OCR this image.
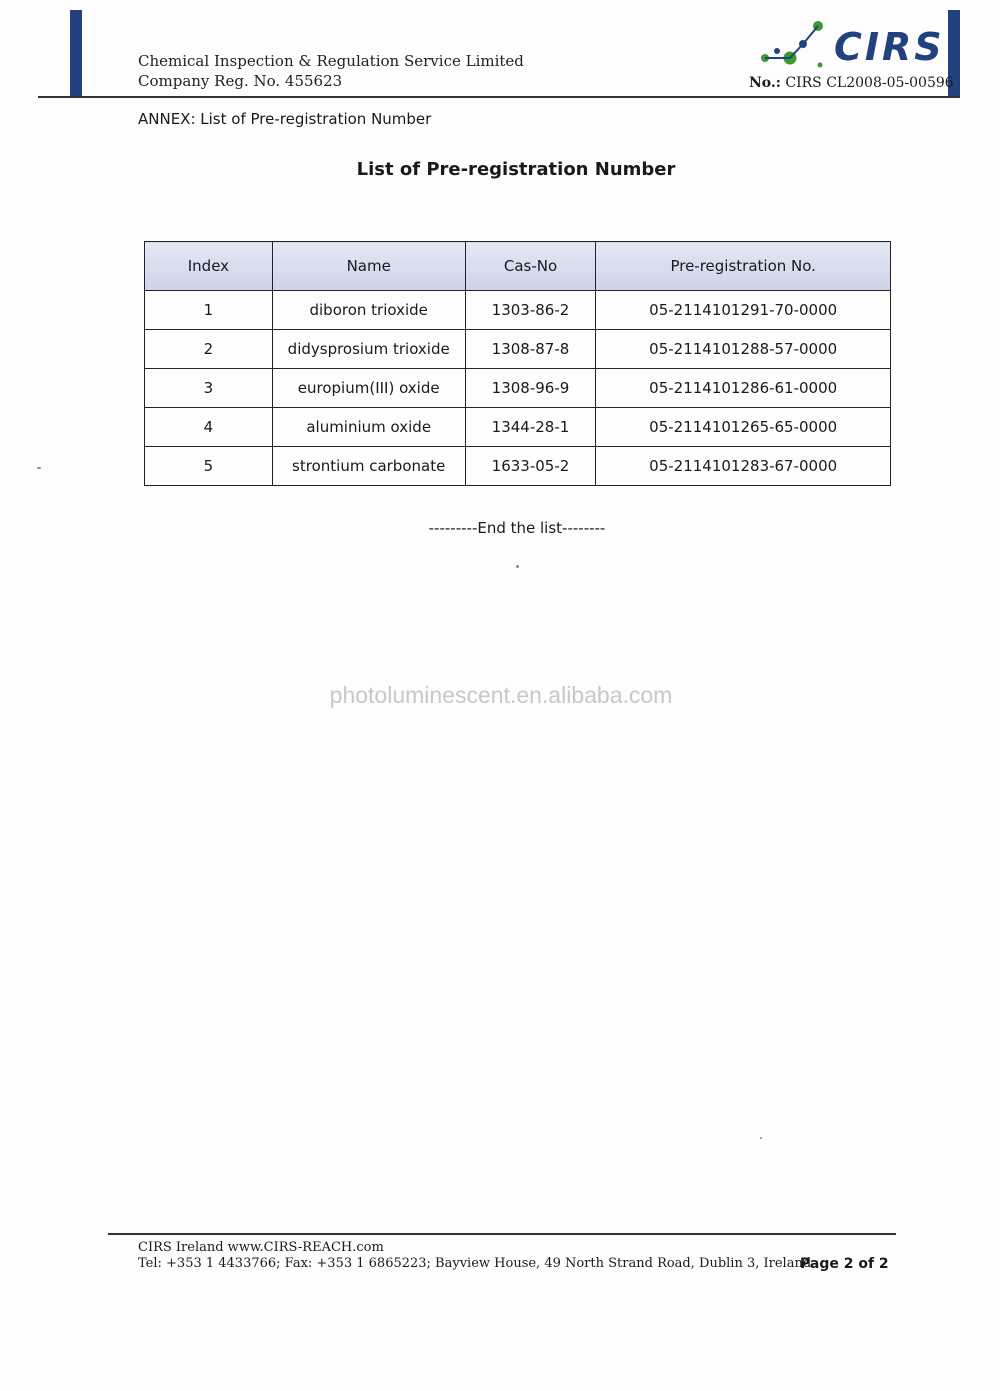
Chemical Inspection & Regulation Service Limited
Company Reg. No. 455623
CIRS
No.: CIRS CL2008-05-00596
ANNEX: List of Pre-registration Number
List of Pre-registration Number
Index	Name	Cas-No	Pre-registration No.
1	diboron trioxide	1303-86-2	05-2114101291-70-0000
2	didysprosium trioxide	1308-87-8	05-2114101288-57-0000
3	europium(III) oxide	1308-96-9	05-2114101286-61-0000
4	aluminium oxide	1344-28-1	05-2114101265-65-0000
5	strontium carbonate	1633-05-2	05-2114101283-67-0000
---------End the list--------
photoluminescent.en.alibaba.com
CIRS Ireland www.CIRS-REACH.com
Tel: +353 1 4433766; Fax: +353 1 6865223; Bayview House, 49 North Strand Road, Dublin 3, Ireland
Page 2 of 2
